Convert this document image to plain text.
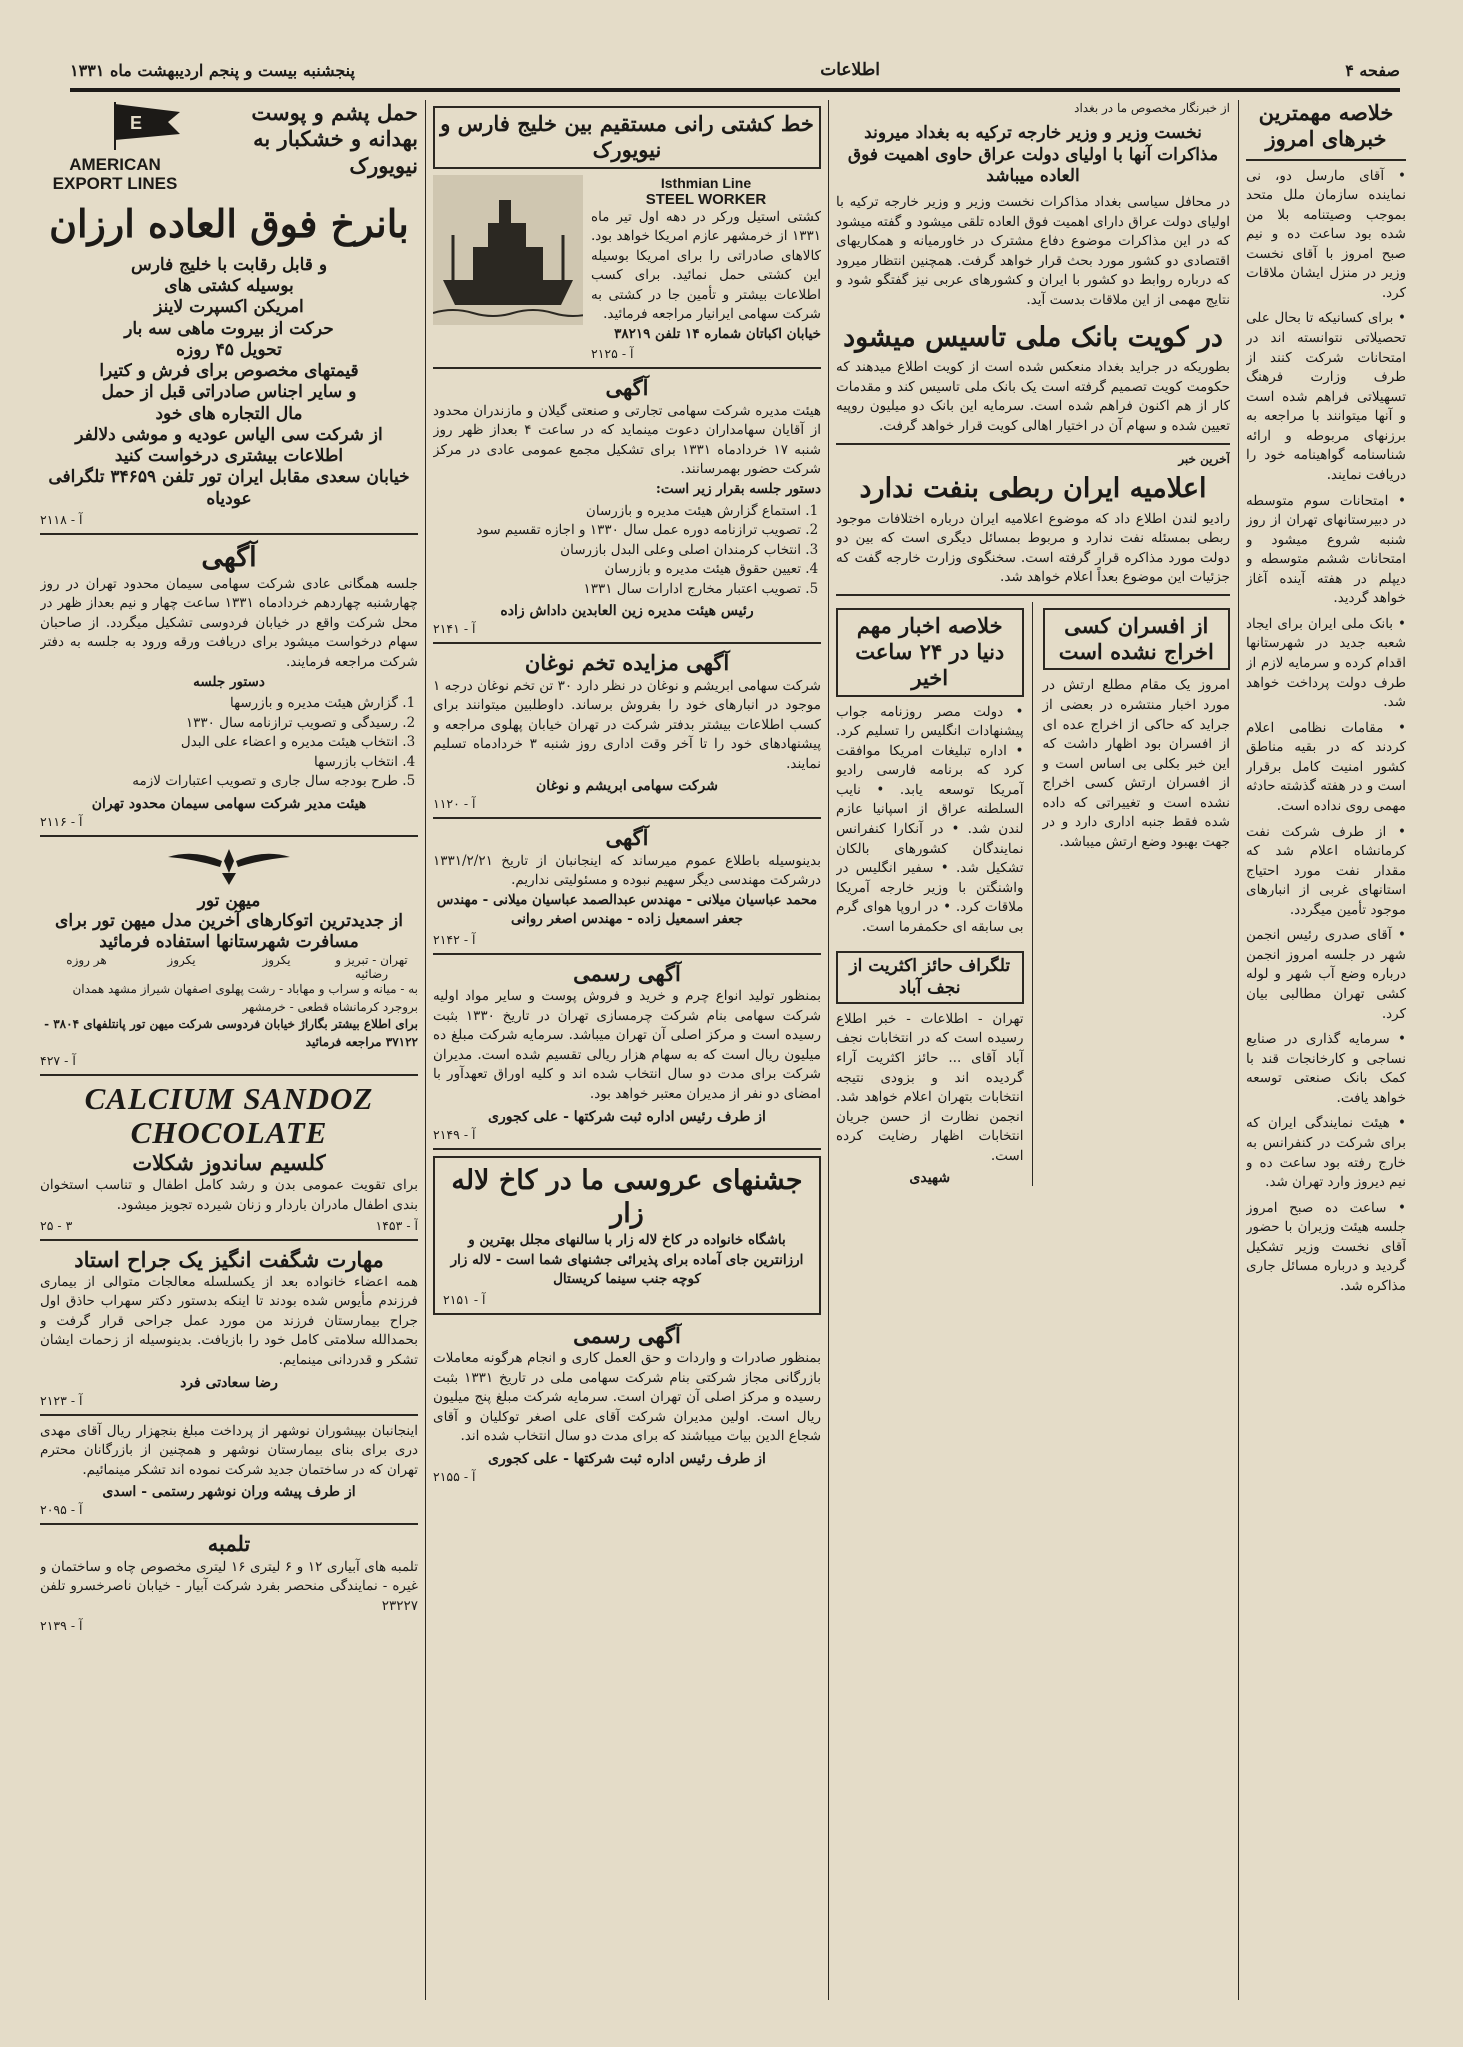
صفحه ۴
اطلاعات
پنجشنبه بیست و پنجم اردیبهشت ماه ۱۳۳۱
خلاصه مهمترین خبرهای امروز

• آقای مارسل دو، نی نماینده سازمان ملل متحد بموجب وصیتنامه بلا من شده بود ساعت ده و نیم صبح امروز با آقای نخست وزیر در منزل ایشان ملاقات کرد.

• برای کسانیکه تا بحال علی تحصیلاتی نتوانسته اند در امتحانات شرکت کنند از طرف وزارت فرهنگ تسهیلاتی فراهم شده است و آنها میتوانند با مراجعه به برزنهای مربوطه و ارائه شناسنامه گواهینامه خود را دریافت نمایند.

• امتحانات سوم متوسطه در دبیرستانهای تهران از روز شنبه شروع میشود و امتحانات ششم متوسطه و دیپلم در هفته آینده آغاز خواهد گردید.

• بانک ملی ایران برای ایجاد شعبه جدید در شهرستانها اقدام کرده و سرمایه لازم از طرف دولت پرداخت خواهد شد.

• مقامات نظامی اعلام کردند که در بقیه مناطق کشور امنیت کامل برقرار است و در هفته گذشته حادثه مهمی روی نداده است.

• از طرف شرکت نفت کرمانشاه اعلام شد که مقدار نفت مورد احتیاج استانهای غربی از انبارهای موجود تأمین میگردد.

• آقای صدری رئیس انجمن شهر در جلسه امروز انجمن درباره وضع آب شهر و لوله کشی تهران مطالبی بیان کرد.

• سرمایه گذاری در صنایع نساجی و کارخانجات قند با کمک بانک صنعتی توسعه خواهد یافت.

• هیئت نمایندگی ایران که برای شرکت در کنفرانس به خارج رفته بود ساعت ده و نیم دیروز وارد تهران شد.

• ساعت ده صبح امروز جلسه هیئت وزیران با حضور آقای نخست وزیر تشکیل گردید و درباره مسائل جاری مذاکره شد.

از خبرنگار مخصوص ما در بغداد
نخست وزیر و وزیر خارجه ترکیه به بغداد میروند مذاکرات آنها با اولیای دولت عراق حاوی اهمیت فوق العاده میباشد
در محافل سیاسی بغداد مذاکرات نخست وزیر و وزیر خارجه ترکیه با اولیای دولت عراق دارای اهمیت فوق العاده تلقی میشود و گفته میشود که در این مذاکرات موضوع دفاع مشترک در خاورمیانه و همکاریهای اقتصادی دو کشور مورد بحث قرار خواهد گرفت. همچنین انتظار میرود که درباره روابط دو کشور با ایران و کشورهای عربی نیز گفتگو شود و نتایج مهمی از این ملاقات بدست آید.
در کویت بانک ملی تاسیس میشود
بطوریکه در جراید بغداد منعکس شده است از کویت اطلاع میدهند که حکومت کویت تصمیم گرفته است یک بانک ملی تاسیس کند و مقدمات کار از هم اکنون فراهم شده است. سرمایه این بانک دو میلیون روپیه تعیین شده و سهام آن در اختیار اهالی کویت قرار خواهد گرفت.
آخرین خبر
اعلامیه ایران ربطی بنفت ندارد
رادیو لندن اطلاع داد که موضوع اعلامیه ایران درباره اختلافات موجود ربطی بمسئله نفت ندارد و مربوط بمسائل دیگری است که بین دو دولت مورد مذاکره قرار گرفته است. سخنگوی وزارت خارجه گفت که جزئیات این موضوع بعداً اعلام خواهد شد.
از افسران کسی اخراج نشده است
امروز یک مقام مطلع ارتش در مورد اخبار منتشره در بعضی از جراید که حاکی از اخراج عده ای از افسران بود اظهار داشت که این خبر بکلی بی اساس است و از افسران ارتش کسی اخراج نشده است و تغییراتی که داده شده فقط جنبه اداری دارد و در جهت بهبود وضع ارتش میباشد.
خلاصه اخبار مهم دنیا در ۲۴ ساعت اخیر
• دولت مصر روزنامه جواب پیشنهادات انگلیس را تسلیم کرد. • اداره تبلیغات امریکا موافقت کرد که برنامه فارسی رادیو آمریکا توسعه یابد. • نایب السلطنه عراق از اسپانیا عازم لندن شد. • در آنکارا کنفرانس نمایندگان کشورهای بالکان تشکیل شد. • سفیر انگلیس در واشنگتن با وزیر خارجه آمریکا ملاقات کرد. • در اروپا هوای گرم بی سابقه ای حکمفرما است.
تلگراف حائز اکثریت از نجف آباد
تهران - اطلاعات - خبر اطلاع رسیده است که در انتخابات نجف آباد آقای ... حائز اکثریت آراء گردیده اند و بزودی نتیجه انتخابات بتهران اعلام خواهد شد. انجمن نظارت از حسن جریان انتخابات اظهار رضایت کرده است.
شهیدی
خط کشتی رانی مستقیم بین خلیج فارس و نیویورک
Isthmian Line
STEEL WORKER
کشتی استیل ورکر در دهه اول تیر ماه ۱۳۳۱ از خرمشهر عازم امریکا خواهد بود. کالاهای صادراتی را برای امریکا بوسیله این کشتی حمل نمائید. برای کسب اطلاعات بیشتر و تأمین جا در کشتی به شرکت سهامی ایرانیار مراجعه فرمائید.
خیابان اکباتان شماره ۱۴ تلفن ۳۸۲۱۹
آ - ۲۱۲۵
آگهی
هیئت مدیره شرکت سهامی تجارتی و صنعتی گیلان و مازندران محدود از آقایان سهامداران دعوت مینماید که در ساعت ۴ بعداز ظهر روز شنبه ۱۷ خردادماه ۱۳۳۱ برای تشکیل مجمع عمومی عادی در مرکز شرکت حضور بهمرسانند.
دستور جلسه بقرار زیر است:
1. استماع گزارش هیئت مدیره و بازرسان
2. تصویب ترازنامه دوره عمل سال ۱۳۳۰ و اجازه تقسیم سود
3. انتخاب کرمندان اصلی وعلی البدل بازرسان
4. تعیین حقوق هیئت مدیره و بازرسان
5. تصویب اعتبار مخارج ادارات سال ۱۳۳۱
رئیس هیئت مدیره زین العابدین داداش زاده
آ - ۲۱۴۱
آگهی مزایده تخم نوغان
شرکت سهامی ابریشم و نوغان در نظر دارد ۳۰ تن تخم نوغان درجه ۱ موجود در انبارهای خود را بفروش برساند. داوطلبین میتوانند برای کسب اطلاعات بیشتر بدفتر شرکت در تهران خیابان پهلوی مراجعه و پیشنهادهای خود را تا آخر وقت اداری روز شنبه ۳ خردادماه تسلیم نمایند.
شرکت سهامی ابریشم و نوغان
آ - ۱۱۲۰
آگهی
بدینوسیله باطلاع عموم میرساند که اینجانبان از تاریخ ۱۳۳۱/۲/۲۱ درشرکت مهندسی دیگر سهیم نبوده و مسئولیتی نداریم.
محمد عباسیان میلانی - مهندس عبدالصمد عباسیان میلانی - مهندس جعفر اسمعیل زاده - مهندس اصغر روانی
آ - ۲۱۴۲
آگهی رسمی
بمنظور تولید انواع چرم و خرید و فروش پوست و سایر مواد اولیه شرکت سهامی بنام شرکت چرمسازی تهران در تاریخ ۱۳۳۰ بثبت رسیده است و مرکز اصلی آن تهران میباشد. سرمایه شرکت مبلغ ده میلیون ریال است که به سهام هزار ریالی تقسیم شده است. مدیران شرکت برای مدت دو سال انتخاب شده اند و کلیه اوراق تعهدآور با امضای دو نفر از مدیران معتبر خواهد بود.
از طرف رئیس اداره ثبت شرکتها - علی کجوری
آ - ۲۱۴۹
جشنهای عروسی ما در کاخ لاله زار
باشگاه خانواده در کاخ لاله زار با سالنهای مجلل بهترین و ارزانترین جای آماده برای پذیرائی جشنهای شما است - لاله زار کوچه جنب سینما کریستال
آ - ۲۱۵۱
آگهی رسمی
بمنظور صادرات و واردات و حق العمل کاری و انجام هرگونه معاملات بازرگانی مجاز شرکتی بنام شرکت سهامی ملی در تاریخ ۱۳۳۱ بثبت رسیده و مرکز اصلی آن تهران است. سرمایه شرکت مبلغ پنج میلیون ریال است. اولین مدیران شرکت آقای علی اصغر توکلیان و آقای شجاع الدین بیات میباشند که برای مدت دو سال انتخاب شده اند.
از طرف رئیس اداره ثبت شرکتها - علی کجوری
آ - ۲۱۵۵
حمل پشم و پوست بهدانه و خشکبار به نیویورک
E
AMERICAN EXPORT LINES
بانرخ فوق العاده ارزان
و قابل رقابت با خلیج فارس
بوسیله کشتی های
امریکن اکسپرت لاینز
حرکت از بیروت ماهی سه بار
تحویل ۴۵ روزه
قیمتهای مخصوص برای فرش و کتیرا
و سایر اجناس صادراتی قبل از حمل
مال التجاره های خود
از شرکت سی الیاس عودیه و موشی دلالفر
اطلاعات بیشتری درخواست کنید
خیابان سعدی مقابل ایران تور تلفن ۳۴۶۵۹ تلگرافی عودیاه
آ - ۲۱۱۸
آگهی
جلسه همگانی عادی شرکت سهامی سیمان محدود تهران در روز چهارشنبه چهاردهم خردادماه ۱۳۳۱ ساعت چهار و نیم بعداز ظهر در محل شرکت واقع در خیابان فردوسی تشکیل میگردد. از صاحبان سهام درخواست میشود برای دریافت ورقه ورود به جلسه به دفتر شرکت مراجعه فرمایند.
دستور جلسه
1. گزارش هیئت مدیره و بازرسها
2. رسیدگی و تصویب ترازنامه سال ۱۳۳۰
3. انتخاب هیئت مدیره و اعضاء علی البدل
4. انتخاب بازرسها
5. طرح بودجه سال جاری و تصویب اعتبارات لازمه
هیئت مدیر شرکت سهامی سیمان محدود تهران
آ - ۲۱۱۶
میهن تور
از جدیدترین اتوکارهای آخرین مدل میهن تور برای مسافرت شهرستانها استفاده فرمائید
تهران - تبریز و رضائیه
یکروز
یکروز
هر روزه
به - میانه و سراب و مهاباد - رشت پهلوی اصفهان شیراز مشهد همدان بروجرد کرمانشاه قطعی - خرمشهر
برای اطلاع بیشتر بگاراژ خیابان فردوسی شرکت میهن تور پانتلفهای ۳۸۰۴ - ۳۷۱۲۲ مراجعه فرمائید
آ - ۴۲۷
CALCIUM SANDOZ CHOCOLATE
کلسیم ساندوز شکلات
برای تقویت عمومی بدن و رشد کامل اطفال و تناسب استخوان بندی اطفال مادران باردار و زنان شیرده تجویز میشود.
۲۵ - ۳	آ - ۱۴۵۳
مهارت شگفت انگیز یک جراح استاد
همه اعضاء خانواده بعد از یکسلسله معالجات متوالی از بیماری فرزندم مأیوس شده بودند تا اینکه بدستور دکتر سهراب حاذق اول جراح بیمارستان فرزند من مورد عمل جراحی قرار گرفت و بحمدالله سلامتی کامل خود را بازیافت. بدینوسیله از زحمات ایشان تشکر و قدردانی مینمایم.
رضا سعادتی فرد
آ - ۲۱۲۳
اینجانبان بپیشوران نوشهر از پرداخت مبلغ بنجهزار ریال آقای مهدی دری برای بنای بیمارستان نوشهر و همچنین از بازرگانان محترم تهران که در ساختمان جدید شرکت نموده اند تشکر مینمائیم.
از طرف پیشه وران نوشهر رستمی - اسدی
آ - ۲۰۹۵
تلمبه
تلمبه های آبیاری ۱۲ و ۶ لیتری ۱۶ لیتری مخصوص چاه و ساختمان و غیره - نمایندگی منحصر بفرد شرکت آبیار - خیابان ناصرخسرو تلفن ۲۳۲۲۷
آ - ۲۱۳۹
